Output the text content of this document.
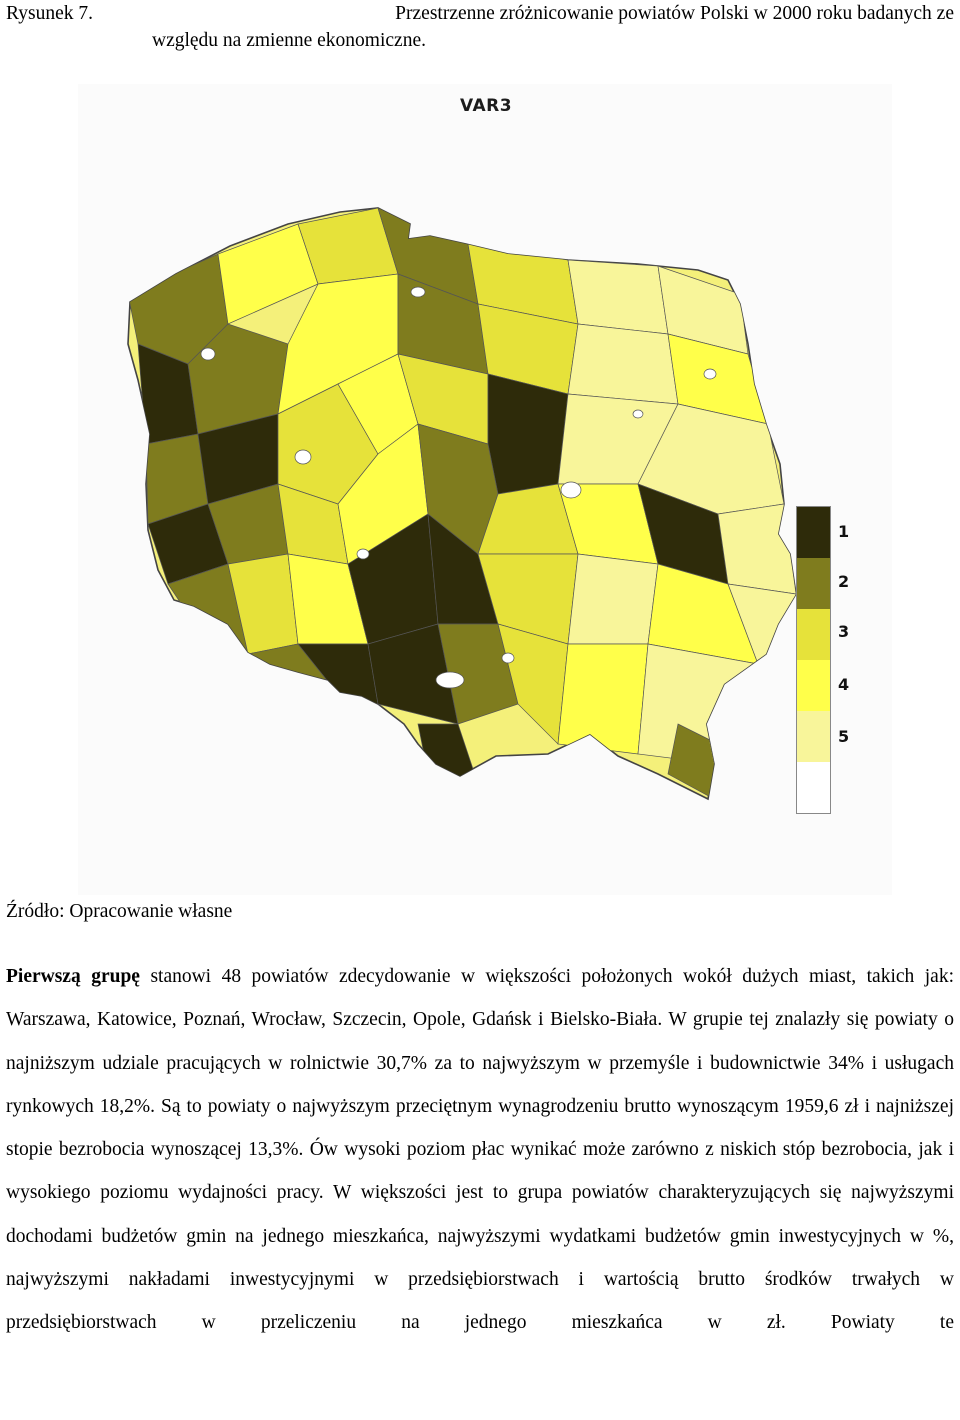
Rysunek 7.	Przestrzenne zróżnicowanie powiatów Polski w 2000 roku badanych ze
względu na zmienne ekonomiczne.
VAR3
1
2
3
4
5
Źródło: Opracowanie własne
Pierwszą grupę stanowi 48 powiatów zdecydowanie w większości położonych wokół dużych miast, takich jak: Warszawa, Katowice, Poznań, Wrocław, Szczecin, Opole, Gdańsk i Bielsko-Biała. W grupie tej znalazły się powiaty o najniższym udziale pracujących w rolnictwie 30,7% za to najwyższym w przemyśle i budownictwie 34% i usługach rynkowych 18,2%. Są to powiaty o najwyższym przeciętnym wynagrodzeniu brutto wynoszącym 1959,6 zł i najniższej stopie bezrobocia wynoszącej 13,3%. Ów wysoki poziom płac wynikać może zarówno z niskich stóp bezrobocia, jak i wysokiego poziomu wydajności pracy. W większości jest to grupa powiatów charakteryzujących się najwyższymi dochodami budżetów gmin na jednego mieszkańca, najwyższymi wydatkami budżetów gmin inwestycyjnych w %, najwyższymi nakładami inwestycyjnymi w przedsiębiorstwach i wartością brutto środków trwałych w przedsiębiorstwach w przeliczeniu na jednego mieszkańca w zł. Powiaty te
